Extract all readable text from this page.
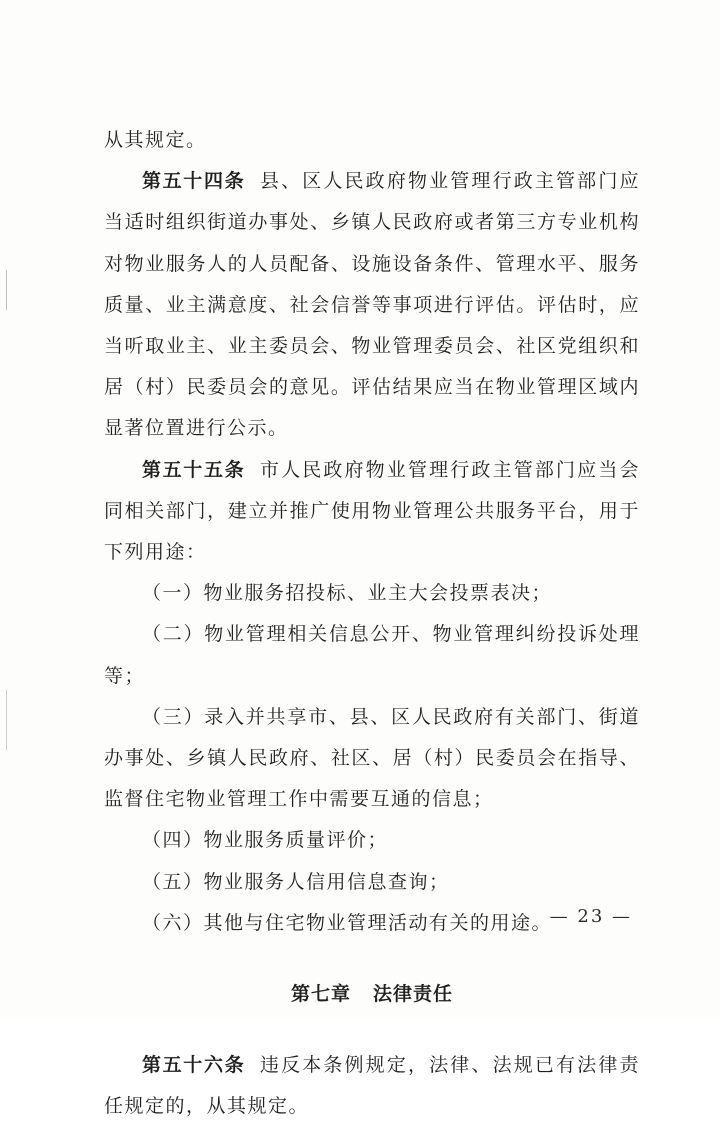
从其规定。

第五十四条 县、区人民政府物业管理行政主管部门应当适时组织街道办事处、乡镇人民政府或者第三方专业机构对物业服务人的人员配备、设施设备条件、管理水平、服务质量、业主满意度、社会信誉等事项进行评估。评估时，应当听取业主、业主委员会、物业管理委员会、社区党组织和居（村）民委员会的意见。评估结果应当在物业管理区域内显著位置进行公示。

第五十五条 市人民政府物业管理行政主管部门应当会同相关部门，建立并推广使用物业管理公共服务平台，用于下列用途：

（一）物业服务招投标、业主大会投票表决；

（二）物业管理相关信息公开、物业管理纠纷投诉处理等；

（三）录入并共享市、县、区人民政府有关部门、街道办事处、乡镇人民政府、社区、居（村）民委员会在指导、监督住宅物业管理工作中需要互通的信息；

（四）物业服务质量评价；

（五）物业服务人信用信息查询；

（六）其他与住宅物业管理活动有关的用途。

第七章 法律责任

第五十六条 违反本条例规定，法律、法规已有法律责任规定的，从其规定。

— 23 —
